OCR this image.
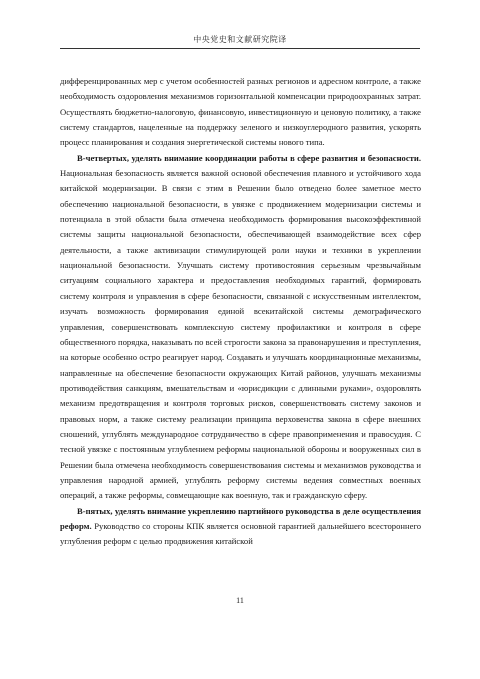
中央党史和文献研究院译

дифференцированных мер с учетом особенностей разных регионов и адресном контроле, а также необходимость оздоровления механизмов горизонтальной компенсации природоохранных затрат. Осуществлять бюджетно-налоговую, финансовую, инвестиционную и ценовую политику, а также систему стандартов, нацеленные на поддержку зеленого и низкоуглеродного развития, ускорять процесс планирования и создания энергетической системы нового типа.

В-четвертых, уделять внимание координации работы в сфере развития и безопасности. Национальная безопасность является важной основой обеспечения плавного и устойчивого хода китайской модернизации. В связи с этим в Решении было отведено более заметное место обеспечению национальной безопасности, в увязке с продвижением модернизации системы и потенциала в этой области была отмечена необходимость формирования высокоэффективной системы защиты национальной безопасности, обеспечивающей взаимодействие всех сфер деятельности, а также активизации стимулирующей роли науки и техники в укреплении национальной безопасности. Улучшать систему противостояния серьезным чрезвычайным ситуациям социального характера и предоставления необходимых гарантий, формировать систему контроля и управления в сфере безопасности, связанной с искусственным интеллектом, изучать возможность формирования единой всекитайской системы демографического управления, совершенствовать комплексную систему профилактики и контроля в сфере общественного порядка, наказывать по всей строгости закона за правонарушения и преступления, на которые особенно остро реагирует народ. Создавать и улучшать координационные механизмы, направленные на обеспечение безопасности окружающих Китай районов, улучшать механизмы противодействия санкциям, вмешательствам и «юрисдикции с длинными руками», оздоровлять механизм предотвращения и контроля торговых рисков, совершенствовать систему законов и правовых норм, а также систему реализации принципа верховенства закона в сфере внешних сношений, углублять международное сотрудничество в сфере правоприменения и правосудия. С тесной увязке с постоянным углублением реформы национальной обороны и вооруженных сил в Решении была отмечена необходимость совершенствования системы и механизмов руководства и управления народной армией, углублять реформу системы ведения совместных военных операций, а также реформы, совмещающие как военную, так и гражданскую сферу.

В-пятых, уделять внимание укреплению партийного руководства в деле осуществления реформ. Руководство со стороны КПК является основной гарантией дальнейшего всестороннего углубления реформ с целью продвижения китайской

11
